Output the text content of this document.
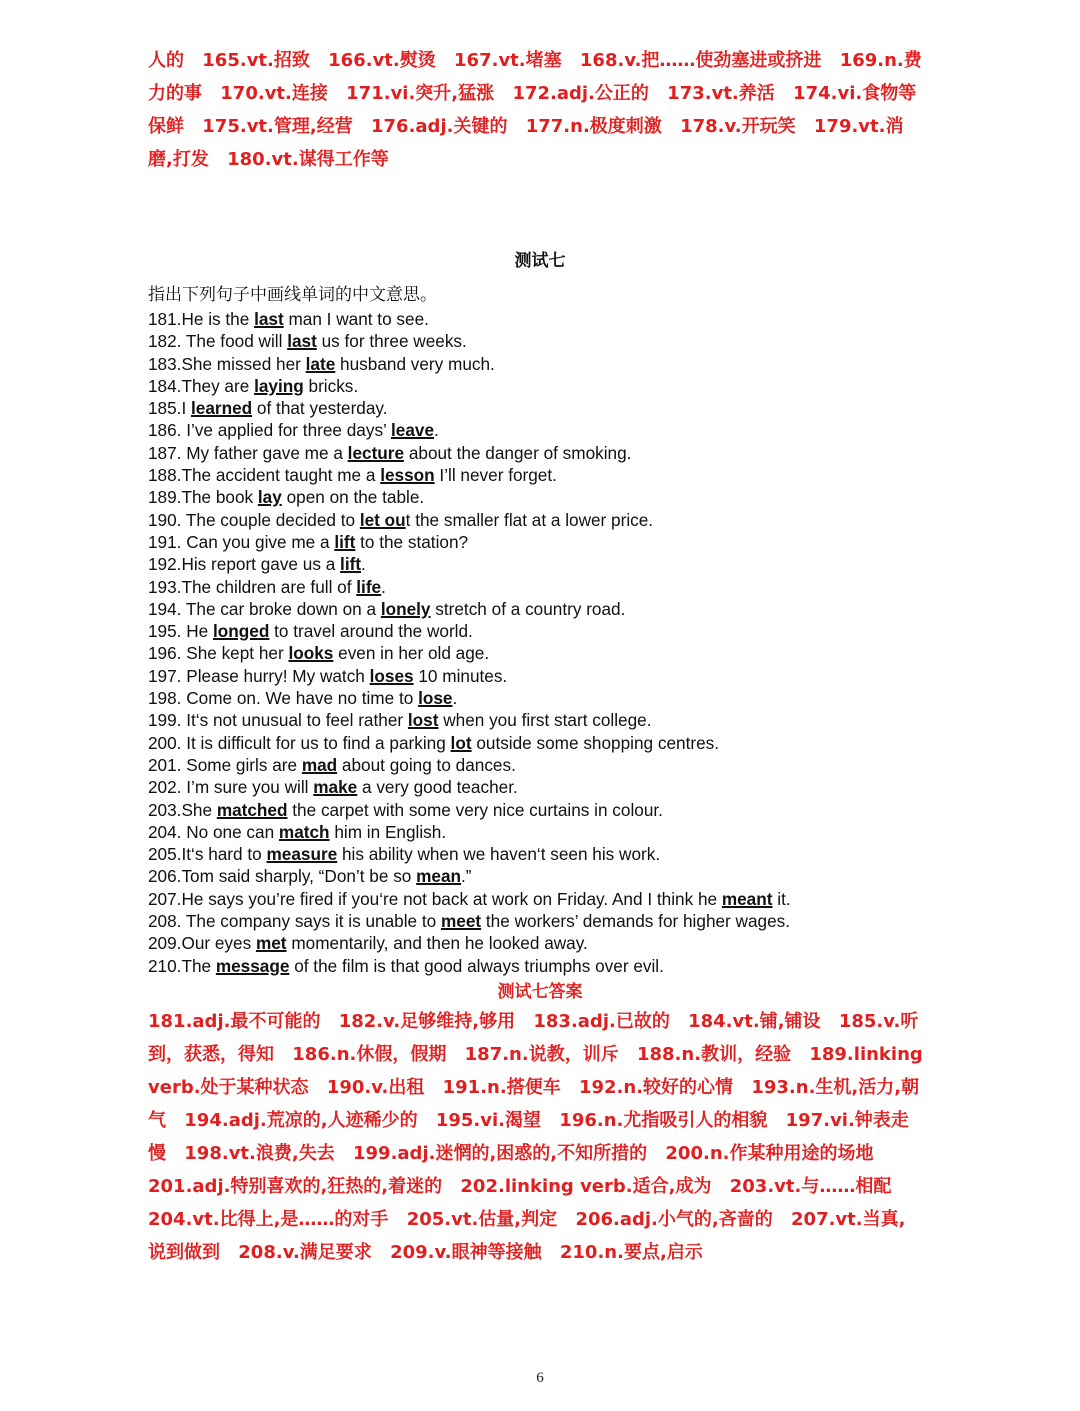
人的 165.vt.招致 166.vt.熨烫 167.vt.堵塞 168.v.把……使劲塞进或挤进 169.n.费力的事 170.vt.连接 171.vi.突升,猛涨 172.adj.公正的 173.vt.养活 174.vi.食物等保鲜 175.vt.管理,经营 176.adj.关键的 177.n.极度刺激 178.v.开玩笑 179.vt.消磨,打发 180.vt.谋得工作等

测试七

指出下列句子中画线单词的中文意思。

181.He is the last man I want to see.
182. The food will last us for three weeks.
183.She missed her late husband very much.
184.They are laying bricks.
185.I learned of that yesterday.
186. I’ve applied for three days’ leave.
187. My father gave me a lecture about the danger of smoking.
188.The accident taught me a lesson I’ll never forget.
189.The book lay open on the table.
190. The couple decided to let out the smaller flat at a lower price.
191. Can you give me a lift to the station?
192.His report gave us a lift.
193.The children are full of life.
194. The car broke down on a lonely stretch of a country road.
195. He longed to travel around the world.
196. She kept her looks even in her old age.
197. Please hurry! My watch loses 10 minutes.
198. Come on. We have no time to lose.
199. It‘s not unusual to feel rather lost when you first start college.
200. It is difficult for us to find a parking lot outside some shopping centres.
201. Some girls are mad about going to dances.
202. I’m sure you will make a very good teacher.
203.She matched the carpet with some very nice curtains in colour.
204. No one can match him in English.
205.It‘s hard to measure his ability when we haven‘t seen his work.
206.Tom said sharply, “Don’t be so mean.”
207.He says you’re fired if you‘re not back at work on Friday. And I think he meant it.
208. The company says it is unable to meet the workers’ demands for higher wages.
209.Our eyes met momentarily, and then he looked away.
210.The message of the film is that good always triumphs over evil.
测试七答案

181.adj.最不可能的 182.v.足够维持,够用 183.adj.已故的 184.vt.铺,铺设 185.v.听到，获悉，得知 186.n.休假，假期 187.n.说教，训斥 188.n.教训，经验 189.linking verb.处于某种状态 190.v.出租 191.n.搭便车 192.n.较好的心情 193.n.生机,活力,朝气 194.adj.荒凉的,人迹稀少的 195.vi.渴望 196.n.尤指吸引人的相貌 197.vi.钟表走慢 198.vt.浪费,失去 199.adj.迷惘的,困惑的,不知所措的 200.n.作某种用途的场地 201.adj.特别喜欢的,狂热的,着迷的 202.linking verb.适合,成为 203.vt.与……相配 204.vt.比得上,是……的对手 205.vt.估量,判定 206.adj.小气的,吝啬的 207.vt.当真,说到做到 208.v.满足要求 209.v.眼神等接触 210.n.要点,启示

6
